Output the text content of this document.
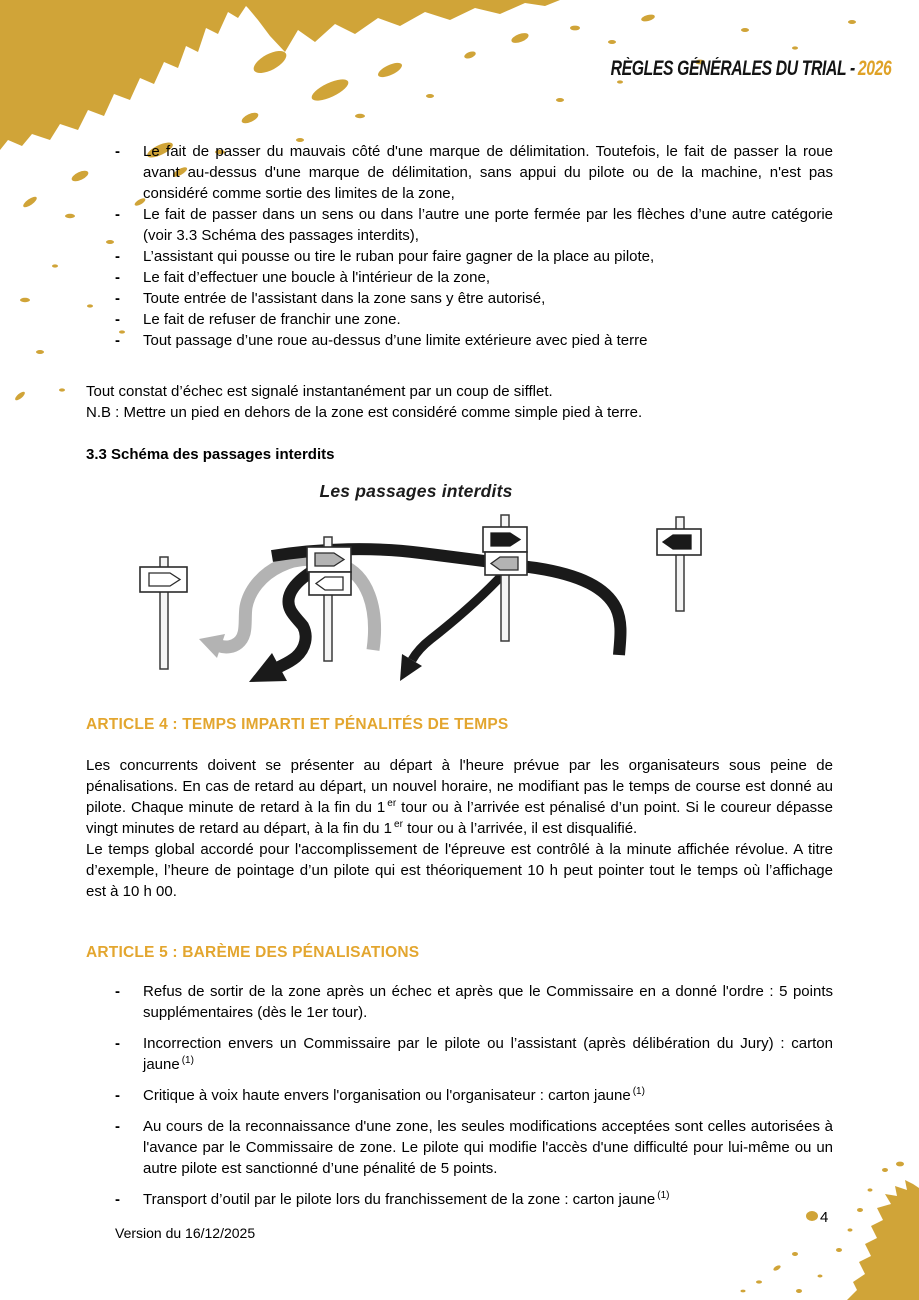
RÈGLES GÉNÉRALES DU TRIAL - 2026
- Le fait de passer du mauvais côté d'une marque de délimitation. Toutefois, le fait de passer la roue avant au-dessus d'une marque de délimitation, sans appui du pilote ou de la machine, n'est pas considéré comme sortie des limites de la zone,
- Le fait de passer dans un sens ou dans l’autre une porte fermée par les flèches d’une autre catégorie (voir 3.3 Schéma des passages interdits),
- L’assistant qui pousse ou tire le ruban pour faire gagner de la place au pilote,
- Le fait d’effectuer une boucle à l'intérieur de la zone,
- Toute entrée de l'assistant dans la zone sans y être autorisé,
- Le fait de refuser de franchir une zone.
- Tout passage d’une roue au-dessus d’une limite extérieure avec pied à terre

Tout constat d’échec est signalé instantanément par un coup de sifflet.

N.B : Mettre un pied en dehors de la zone est considéré comme simple pied à terre.

3.3 Schéma des passages interdits
Les passages interdits
ARTICLE 4 : TEMPS IMPARTI ET PÉNALITÉS DE TEMPS

Les concurrents doivent se présenter au départ à l'heure prévue par les organisateurs sous peine de pénalisations. En cas de retard au départ, un nouvel horaire, ne modifiant pas le temps de course est donné au pilote. Chaque minute de retard à la fin du 1 $^{er}$ tour ou à l’arrivée est pénalisé d’un point. Si le coureur dépasse vingt minutes de retard au départ, à la fin du 1 $^{er}$ tour ou à l’arrivée, il est disqualifié.

Le temps global accordé pour l'accomplissement de l'épreuve est contrôlé à la minute affichée révolue. A titre d’exemple, l’heure de pointage d’un pilote qui est théoriquement 10 h peut pointer tout le temps où l’affichage est à 10 h 00.

ARTICLE 5 : BARÈME DES PÉNALISATIONS
- Refus de sortir de la zone après un échec et après que le Commissaire en a donné l'ordre : 5 points supplémentaires (dès le 1er tour).
- Incorrection envers un Commissaire par le pilote ou l’assistant (après délibération du Jury) : carton jaune $^{(1)}$
- Critique à voix haute envers l'organisation ou l'organisateur : carton jaune $^{(1)}$
- Au cours de la reconnaissance d'une zone, les seules modifications acceptées sont celles autorisées à l'avance par le Commissaire de zone. Le pilote qui modifie l'accès d'une difficulté pour lui-même ou un autre pilote est sanctionné d’une pénalité de 5 points.
- Transport d’outil par le pilote lors du franchissement de la zone : carton jaune $^{(1)}$
Version du 16/12/2025
4
